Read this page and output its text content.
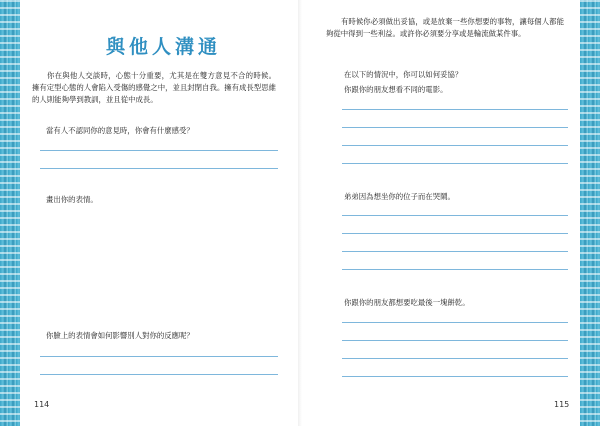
與他人溝通

你在與他人交談時，心態十分重要，尤其是在雙方意見不合的時候。擁有定型心態的人會陷入受傷的感覺之中，並且封閉自我。擁有成長型思維的人則能夠學到教訓，並且從中成長。

當有人不認同你的意見時，你會有什麼感受？

畫出你的表情。

你臉上的表情會如何影響別人對你的反應呢？

114

有時候你必須做出妥協，或是放棄一些你想要的事物，讓每個人都能夠從中得到一些利益。或許你必須要分享或是輪流做某件事。

在以下的情況中，你可以如何妥協？

你跟你的朋友想看不同的電影。

弟弟因為想坐你的位子而在哭鬧。

你跟你的朋友都想要吃最後一塊餅乾。

115
